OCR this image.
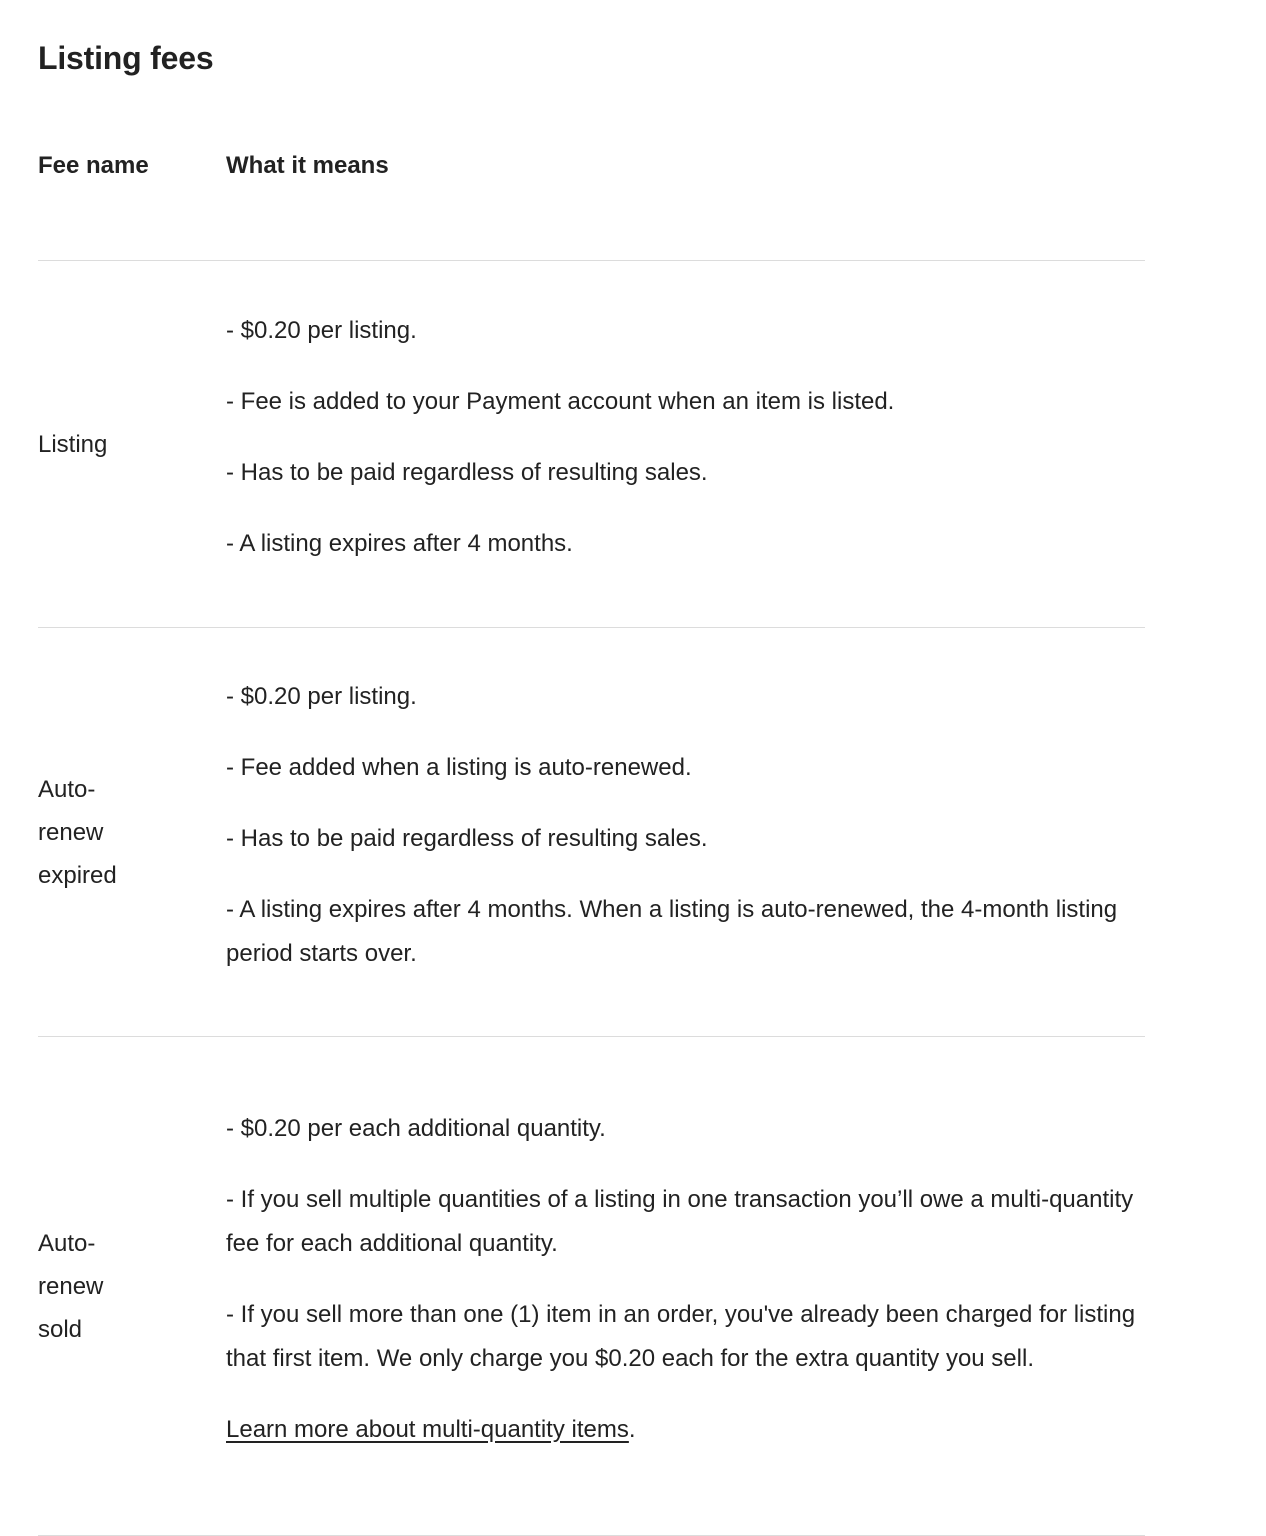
Listing fees
Fee name	What it means

Listing	- $0.20 per listing.

- Fee is added to your Payment account when an item is listed.

- Has to be paid regardless of resulting sales.

- A listing expires after 4 months.

Auto-renew expired	- $0.20 per listing.

- Fee added when a listing is auto-renewed.

- Has to be paid regardless of resulting sales.

- A listing expires after 4 months. When a listing is auto-renewed, the 4-month listing period starts over.

Auto-renew sold	- $0.20 per each additional quantity.

- If you sell multiple quantities of a listing in one transaction you’ll owe a multi-quantity fee for each additional quantity.

- If you sell more than one (1) item in an order, you've already been charged for listing that first item. We only charge you $0.20 each for the extra quantity you sell.

Learn more about multi-quantity items.
